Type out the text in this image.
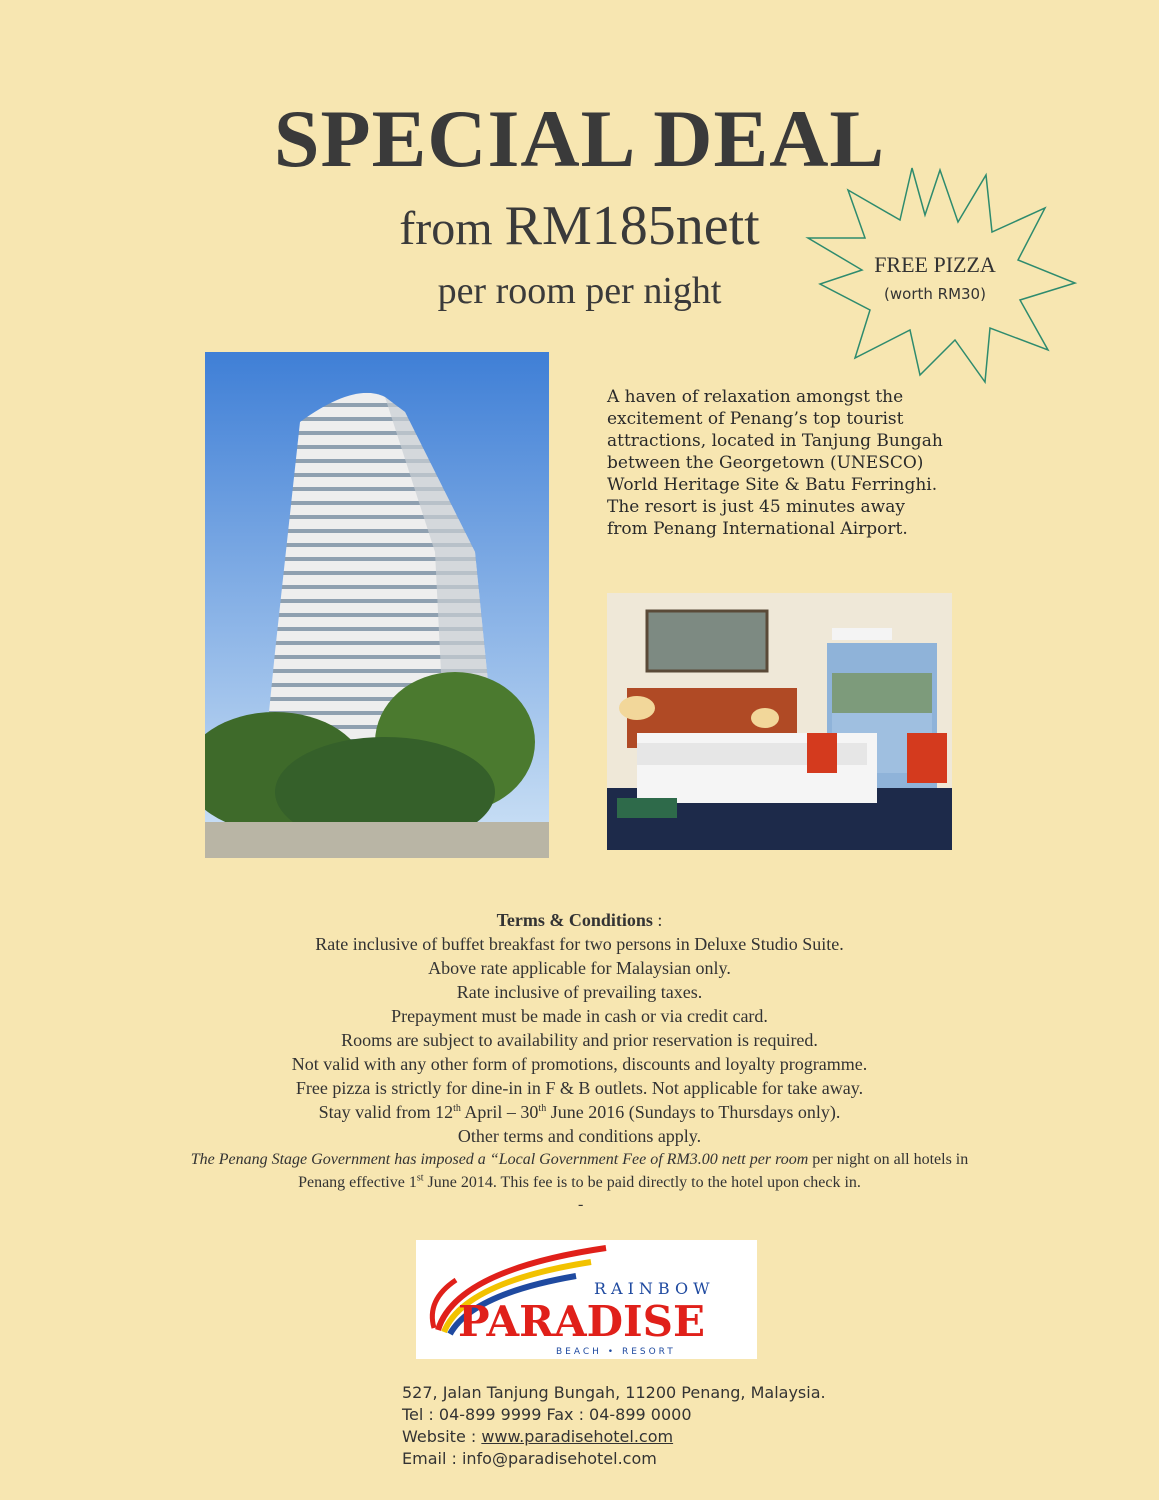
SPECIAL DEAL
from RM185nett
per room per night
FREE PIZZA
(worth RM30)
A haven of relaxation amongst the
excitement of Penang’s top tourist
attractions, located in Tanjung Bungah
between the Georgetown (UNESCO)
World Heritage Site & Batu Ferringhi.
The resort is just 45 minutes away
from Penang International Airport.
Terms & Conditions :
Rate inclusive of buffet breakfast for two persons in Deluxe Studio Suite.
Above rate applicable for Malaysian only.
Rate inclusive of prevailing taxes.
Prepayment must be made in cash or via credit card.
Rooms are subject to availability and prior reservation is required.
Not valid with any other form of promotions, discounts and loyalty programme.
Free pizza is strictly for dine-in in F & B outlets. Not applicable for take away.
Stay valid from 12th April – 30th June 2016 (Sundays to Thursdays only).
Other terms and conditions apply.
The Penang Stage Government has imposed a “Local Government Fee of RM3.00 nett per room per night on all hotels in
Penang effective 1st June 2014. This fee is to be paid directly to the hotel upon check in.
-
RAINBOW
PARADISE
BEACH • RESORT
527, Jalan Tanjung Bungah, 11200 Penang, Malaysia.
Tel : 04-899 9999 Fax : 04-899 0000
Website : www.paradisehotel.com
Email : info@paradisehotel.com
